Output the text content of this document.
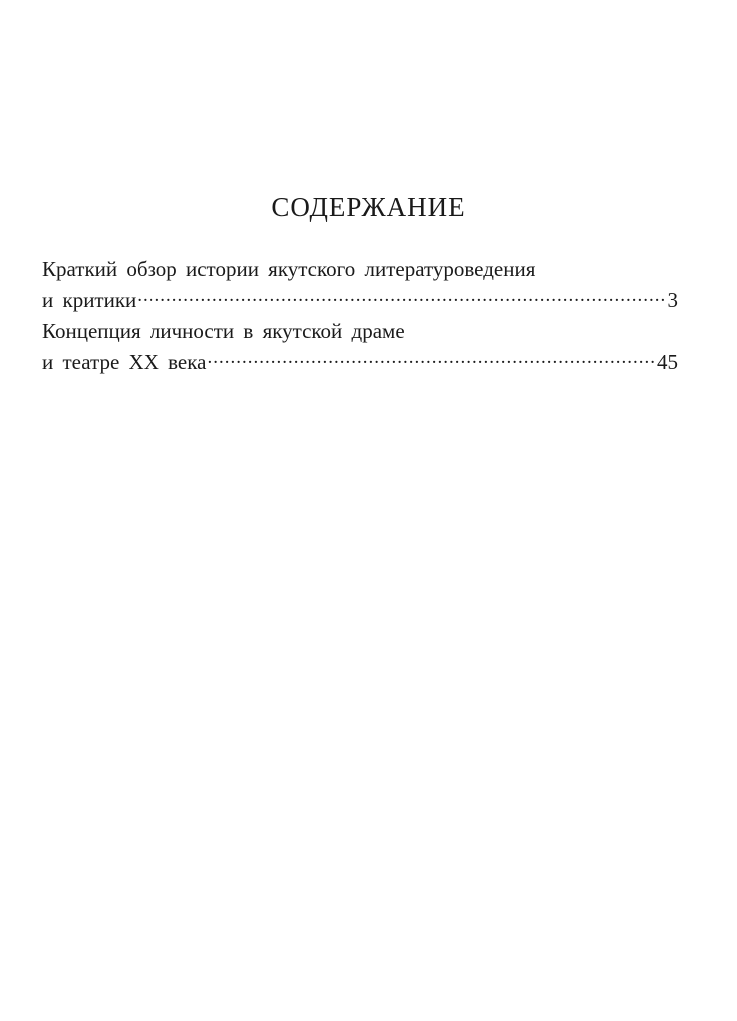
СОДЕРЖАНИЕ
Краткий обзор истории якутского литературоведения
и критики .....	3
Концепция личности в якутской драме
и театре ХХ века .....	45
